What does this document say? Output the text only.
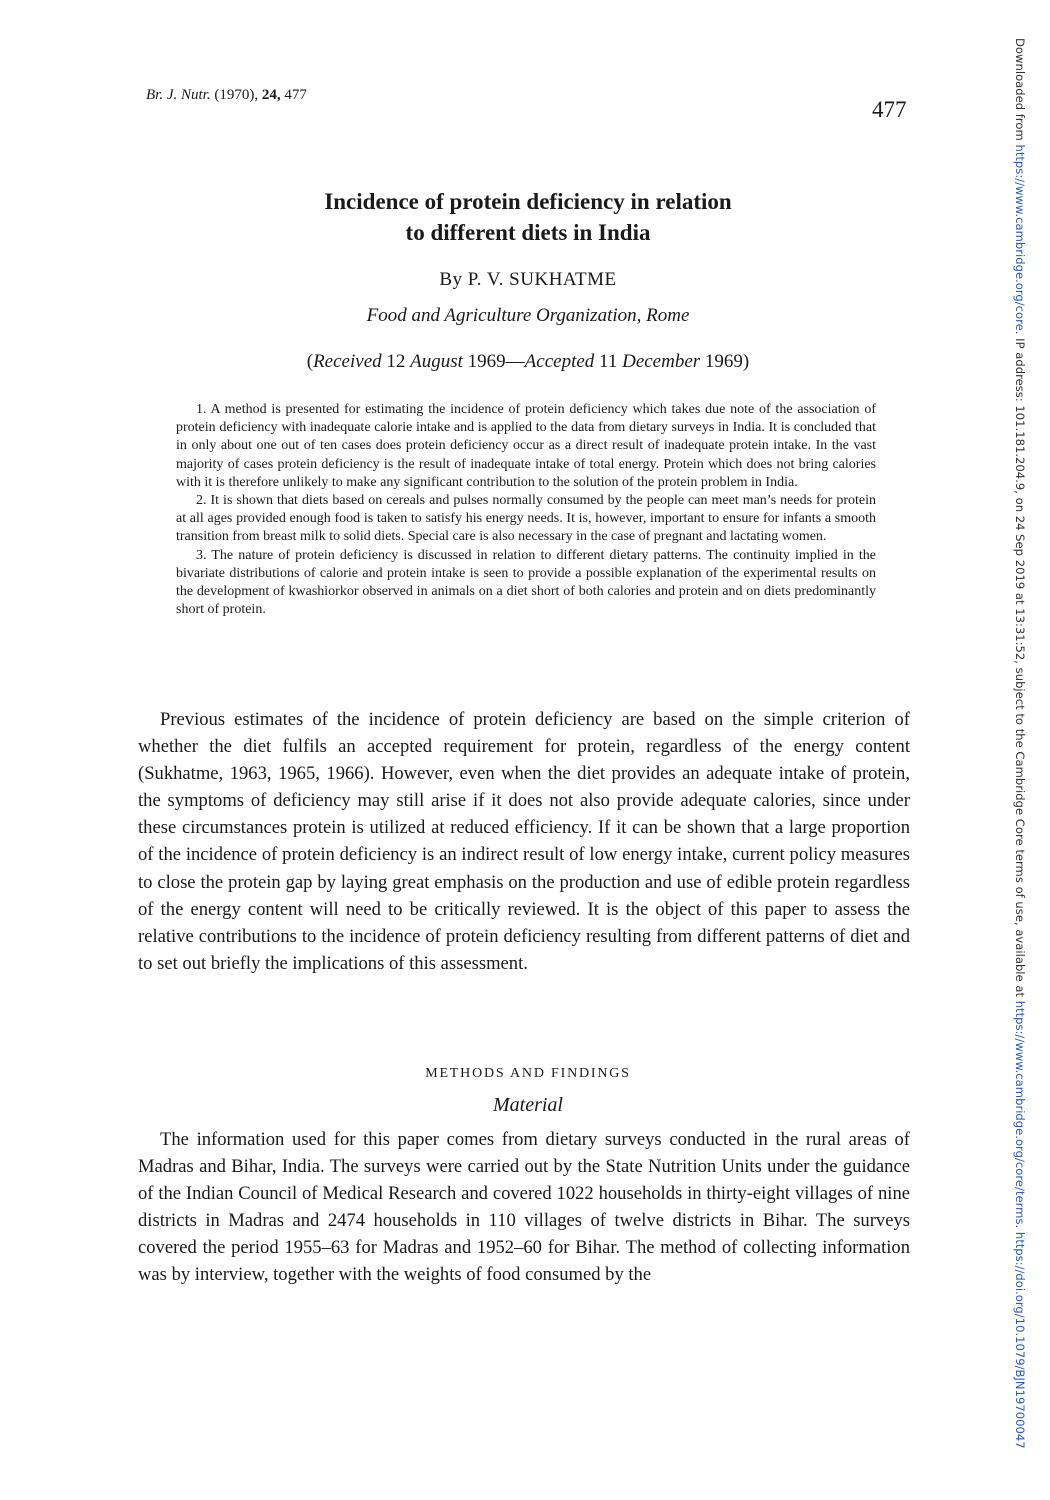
Br. J. Nutr. (1970), 24, 477
477
Incidence of protein deficiency in relation
to different diets in India
By P. V. SUKHATME
Food and Agriculture Organization, Rome
(Received 12 August 1969—Accepted 11 December 1969)

1. A method is presented for estimating the incidence of protein deficiency which takes due note of the association of protein deficiency with inadequate calorie intake and is applied to the data from dietary surveys in India. It is concluded that in only about one out of ten cases does protein deficiency occur as a direct result of inadequate protein intake. In the vast majority of cases protein deficiency is the result of inadequate intake of total energy. Protein which does not bring calories with it is therefore unlikely to make any significant contribution to the solution of the protein problem in India.

2. It is shown that diets based on cereals and pulses normally consumed by the people can meet man’s needs for protein at all ages provided enough food is taken to satisfy his energy needs. It is, however, important to ensure for infants a smooth transition from breast milk to solid diets. Special care is also necessary in the case of pregnant and lactating women.

3. The nature of protein deficiency is discussed in relation to different dietary patterns. The continuity implied in the bivariate distributions of calorie and protein intake is seen to provide a possible explanation of the experimental results on the development of kwashiorkor observed in animals on a diet short of both calories and protein and on diets predominantly short of protein.

Previous estimates of the incidence of protein deficiency are based on the simple criterion of whether the diet fulfils an accepted requirement for protein, regardless of the energy content (Sukhatme, 1963, 1965, 1966). However, even when the diet provides an adequate intake of protein, the symptoms of deficiency may still arise if it does not also provide adequate calories, since under these circumstances protein is utilized at reduced efficiency. If it can be shown that a large proportion of the incidence of protein deficiency is an indirect result of low energy intake, current policy measures to close the protein gap by laying great emphasis on the production and use of edible protein regardless of the energy content will need to be critically reviewed. It is the object of this paper to assess the relative contributions to the incidence of protein deficiency resulting from different patterns of diet and to set out briefly the implications of this assessment.

METHODS AND FINDINGS
Material

The information used for this paper comes from dietary surveys conducted in the rural areas of Madras and Bihar, India. The surveys were carried out by the State Nutrition Units under the guidance of the Indian Council of Medical Research and covered 1022 households in thirty-eight villages of nine districts in Madras and 2474 households in 110 villages of twelve districts in Bihar. The surveys covered the period 1955–63 for Madras and 1952–60 for Bihar. The method of collecting information was by interview, together with the weights of food consumed by the

Downloaded from https://www.cambridge.org/core. IP address: 101.181.204.9, on 24 Sep 2019 at 13:31:52, subject to the Cambridge Core terms of use, available at https://www.cambridge.org/core/terms. https://doi.org/10.1079/BJN19700047
